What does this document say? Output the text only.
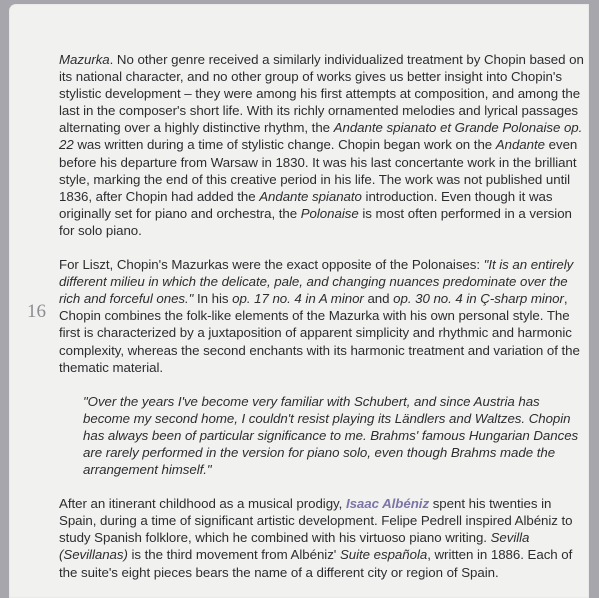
16

Mazurka. No other genre received a similarly individualized treatment by Chopin based on its national character, and no other group of works gives us better insight into Chopin's stylistic development – they were among his first attempts at composition, and among the last in the composer's short life. With its richly ornamented melodies and lyrical passages alternating over a highly distinctive rhythm, the Andante spianato et Grande Polonaise op. 22 was written during a time of stylistic change. Chopin began work on the Andante even before his departure from Warsaw in 1830. It was his last concertante work in the brilliant style, marking the end of this creative period in his life. The work was not published until 1836, after Chopin had added the Andante spianato introduction. Even though it was originally set for piano and orchestra, the Polonaise is most often performed in a version for solo piano.

For Liszt, Chopin's Mazurkas were the exact opposite of the Polonaises: "It is an entirely different milieu in which the delicate, pale, and changing nuances predominate over the rich and forceful ones." In his op. 17 no. 4 in A minor and op. 30 no. 4 in Ç-sharp minor, Chopin combines the folk-like elements of the Mazurka with his own personal style. The first is characterized by a juxtaposition of apparent simplicity and rhythmic and harmonic complexity, whereas the second enchants with its harmonic treatment and variation of the thematic material.

"Over the years I've become very familiar with Schubert, and since Austria has become my second home, I couldn't resist playing its Ländlers and Waltzes. Chopin has always been of particular significance to me. Brahms' famous Hungarian Dances are rarely performed in the version for piano solo, even though Brahms made the arrangement himself."

After an itinerant childhood as a musical prodigy, Isaac Albéniz spent his twenties in Spain, during a time of significant artistic development. Felipe Pedrell inspired Albéniz to study Spanish folklore, which he combined with his virtuoso piano writing. Sevilla (Sevillanas) is the third movement from Albéniz' Suite española, written in 1886. Each of the suite's eight pieces bears the name of a different city or region of Spain.
